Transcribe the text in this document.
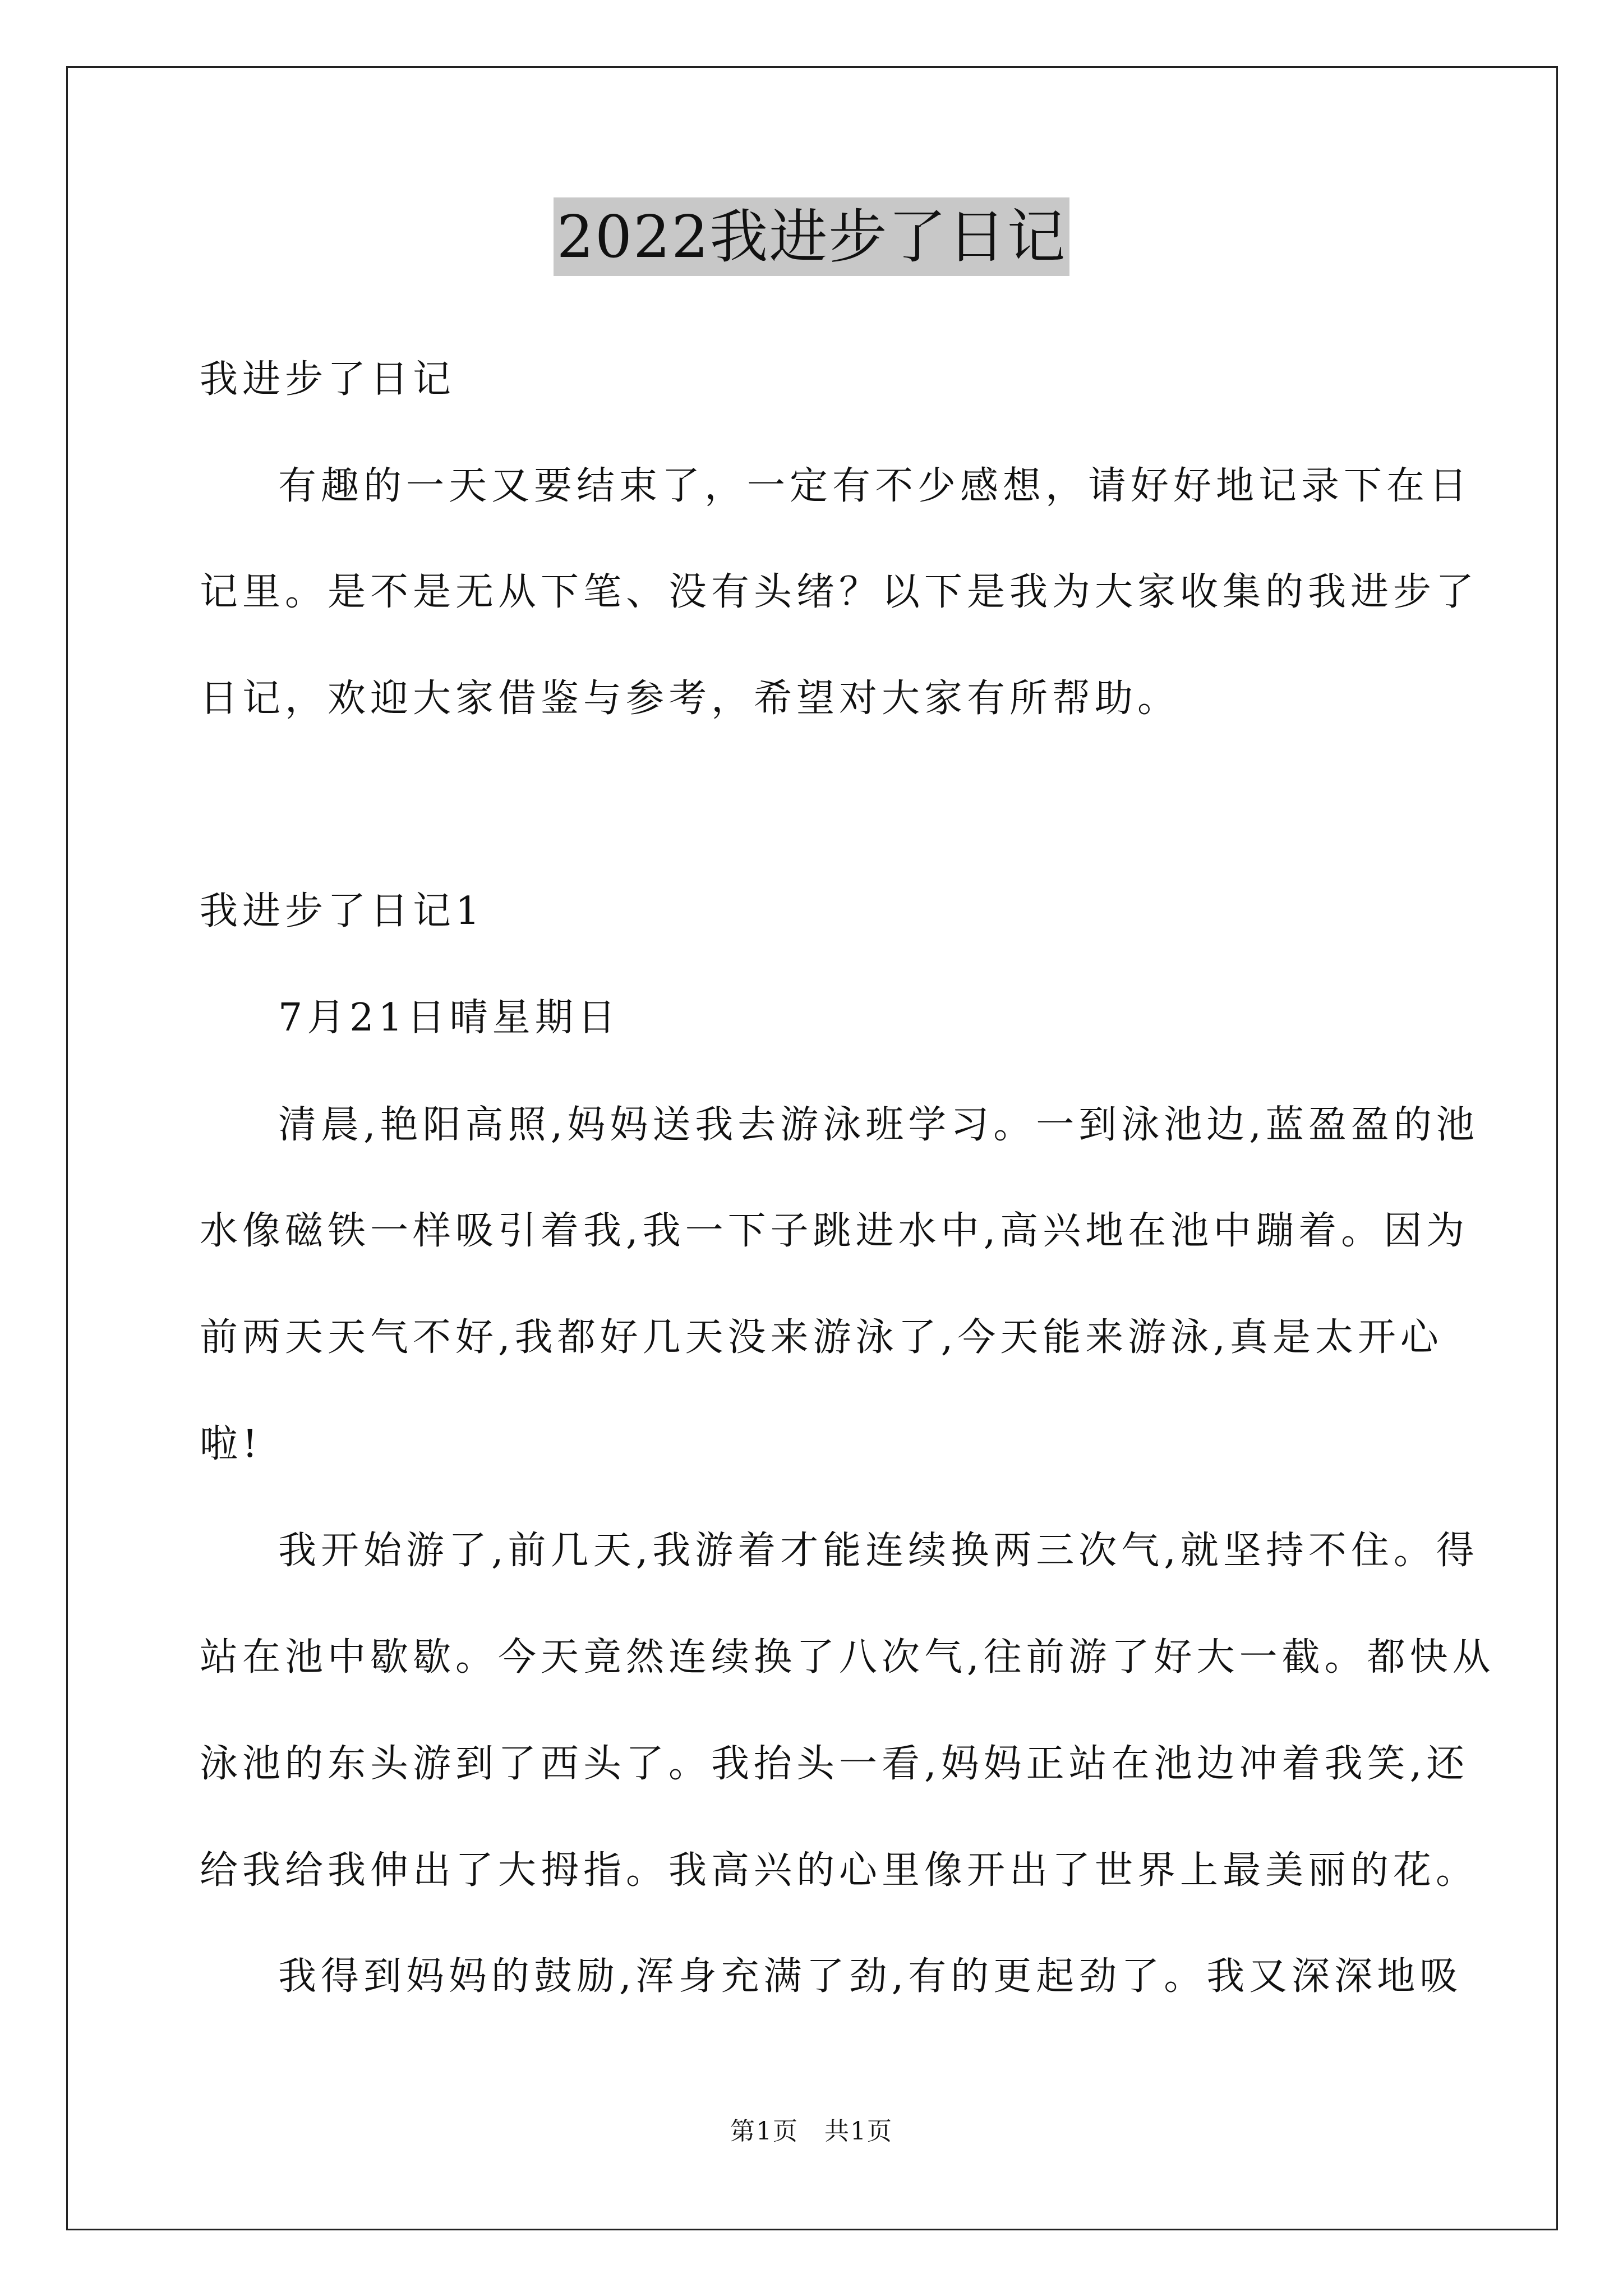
2022我进步了日记
我进步了日记
有趣的一天又要结束了，一定有不少感想，请好好地记录下在日
记里。是不是无从下笔、没有头绪？以下是我为大家收集的我进步了
日记，欢迎大家借鉴与参考，希望对大家有所帮助。
我进步了日记1
7月21日晴星期日
清晨,艳阳高照,妈妈送我去游泳班学习。一到泳池边,蓝盈盈的池
水像磁铁一样吸引着我,我一下子跳进水中,高兴地在池中蹦着。因为
前两天天气不好,我都好几天没来游泳了,今天能来游泳,真是太开心
啦!
我开始游了,前几天,我游着才能连续换两三次气,就坚持不住。得
站在池中歇歇。今天竟然连续换了八次气,往前游了好大一截。都快从
泳池的东头游到了西头了。我抬头一看,妈妈正站在池边冲着我笑,还
给我给我伸出了大拇指。我高兴的心里像开出了世界上最美丽的花。
我得到妈妈的鼓励,浑身充满了劲,有的更起劲了。我又深深地吸
第1页 共1页
